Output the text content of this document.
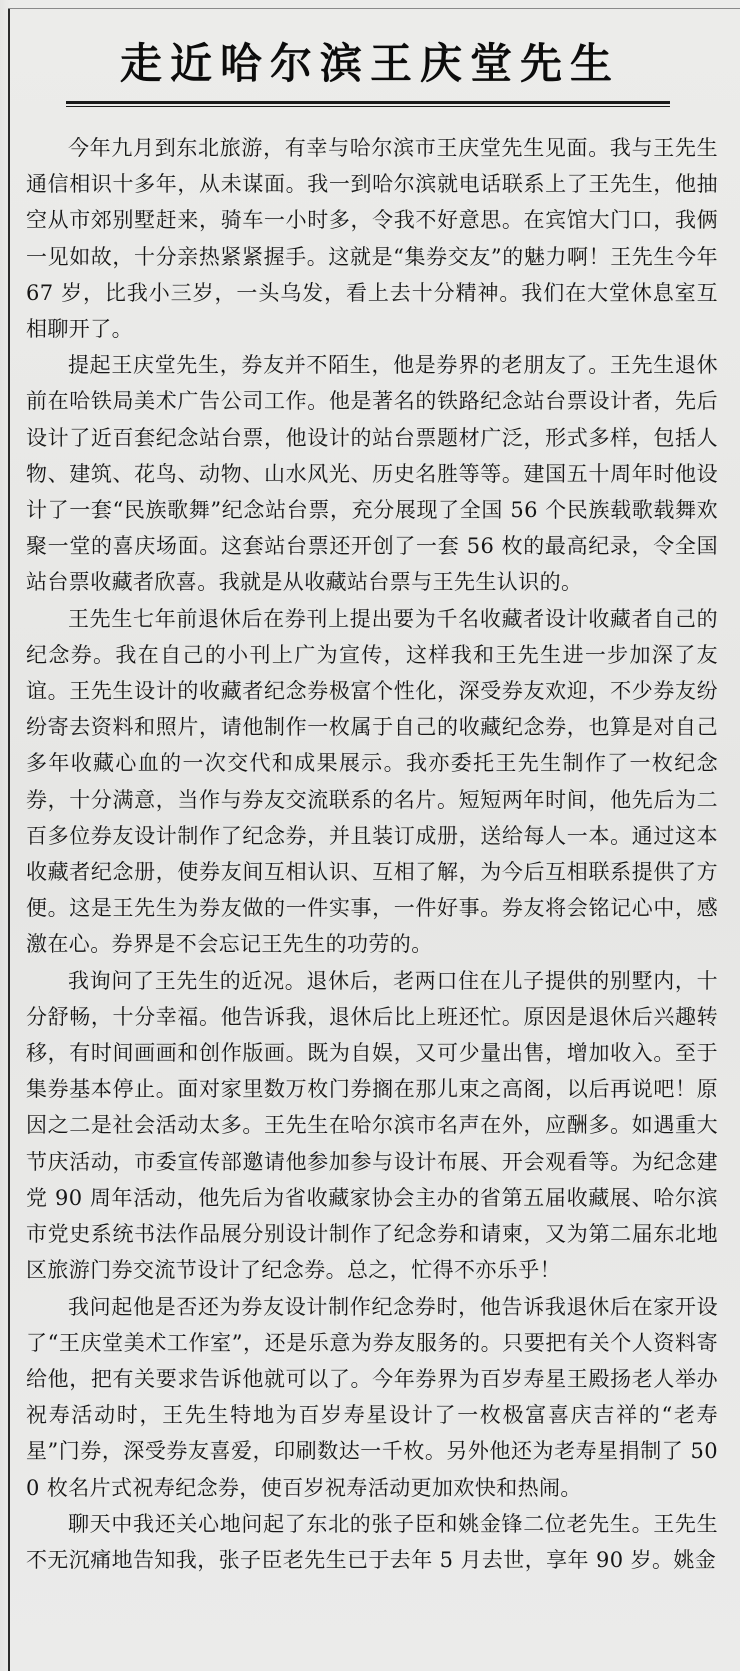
走近哈尔滨王庆堂先生

今年九月到东北旅游，有幸与哈尔滨市王庆堂先生见面。我与王先生通信相识十多年，从未谋面。我一到哈尔滨就电话联系上了王先生，他抽空从市郊别墅赶来，骑车一小时多，令我不好意思。在宾馆大门口，我俩一见如故，十分亲热紧紧握手。这就是“集券交友”的魅力啊！王先生今年 67 岁，比我小三岁，一头乌发，看上去十分精神。我们在大堂休息室互相聊开了。

提起王庆堂先生，券友并不陌生，他是券界的老朋友了。王先生退休前在哈铁局美术广告公司工作。他是著名的铁路纪念站台票设计者，先后设计了近百套纪念站台票，他设计的站台票题材广泛，形式多样，包括人物、建筑、花鸟、动物、山水风光、历史名胜等等。建国五十周年时他设计了一套“民族歌舞”纪念站台票，充分展现了全国 56 个民族载歌载舞欢聚一堂的喜庆场面。这套站台票还开创了一套 56 枚的最高纪录，令全国站台票收藏者欣喜。我就是从收藏站台票与王先生认识的。

王先生七年前退休后在券刊上提出要为千名收藏者设计收藏者自己的纪念券。我在自己的小刊上广为宣传，这样我和王先生进一步加深了友谊。王先生设计的收藏者纪念券极富个性化，深受券友欢迎，不少券友纷纷寄去资料和照片，请他制作一枚属于自己的收藏纪念券，也算是对自己多年收藏心血的一次交代和成果展示。我亦委托王先生制作了一枚纪念券，十分满意，当作与券友交流联系的名片。短短两年时间，他先后为二百多位券友设计制作了纪念券，并且装订成册，送给每人一本。通过这本收藏者纪念册，使券友间互相认识、互相了解，为今后互相联系提供了方便。这是王先生为券友做的一件实事，一件好事。券友将会铭记心中，感激在心。券界是不会忘记王先生的功劳的。

我询问了王先生的近况。退休后，老两口住在儿子提供的别墅内，十分舒畅，十分幸福。他告诉我，退休后比上班还忙。原因是退休后兴趣转移，有时间画画和创作版画。既为自娱，又可少量出售，增加收入。至于集券基本停止。面对家里数万枚门券搁在那儿束之高阁，以后再说吧！原因之二是社会活动太多。王先生在哈尔滨市名声在外，应酬多。如遇重大节庆活动，市委宣传部邀请他参加参与设计布展、开会观看等。为纪念建党 90 周年活动，他先后为省收藏家协会主办的省第五届收藏展、哈尔滨市党史系统书法作品展分别设计制作了纪念券和请柬，又为第二届东北地区旅游门券交流节设计了纪念券。总之，忙得不亦乐乎！

我问起他是否还为券友设计制作纪念券时，他告诉我退休后在家开设了“王庆堂美术工作室”，还是乐意为券友服务的。只要把有关个人资料寄给他，把有关要求告诉他就可以了。今年券界为百岁寿星王殿扬老人举办祝寿活动时，王先生特地为百岁寿星设计了一枚极富喜庆吉祥的“老寿星”门券，深受券友喜爱，印刷数达一千枚。另外他还为老寿星捐制了 500 枚名片式祝寿纪念券，使百岁祝寿活动更加欢快和热闹。

聊天中我还关心地问起了东北的张子臣和姚金锋二位老先生。王先生不无沉痛地告知我，张子臣老先生已于去年 5 月去世，享年 90 岁。姚金
